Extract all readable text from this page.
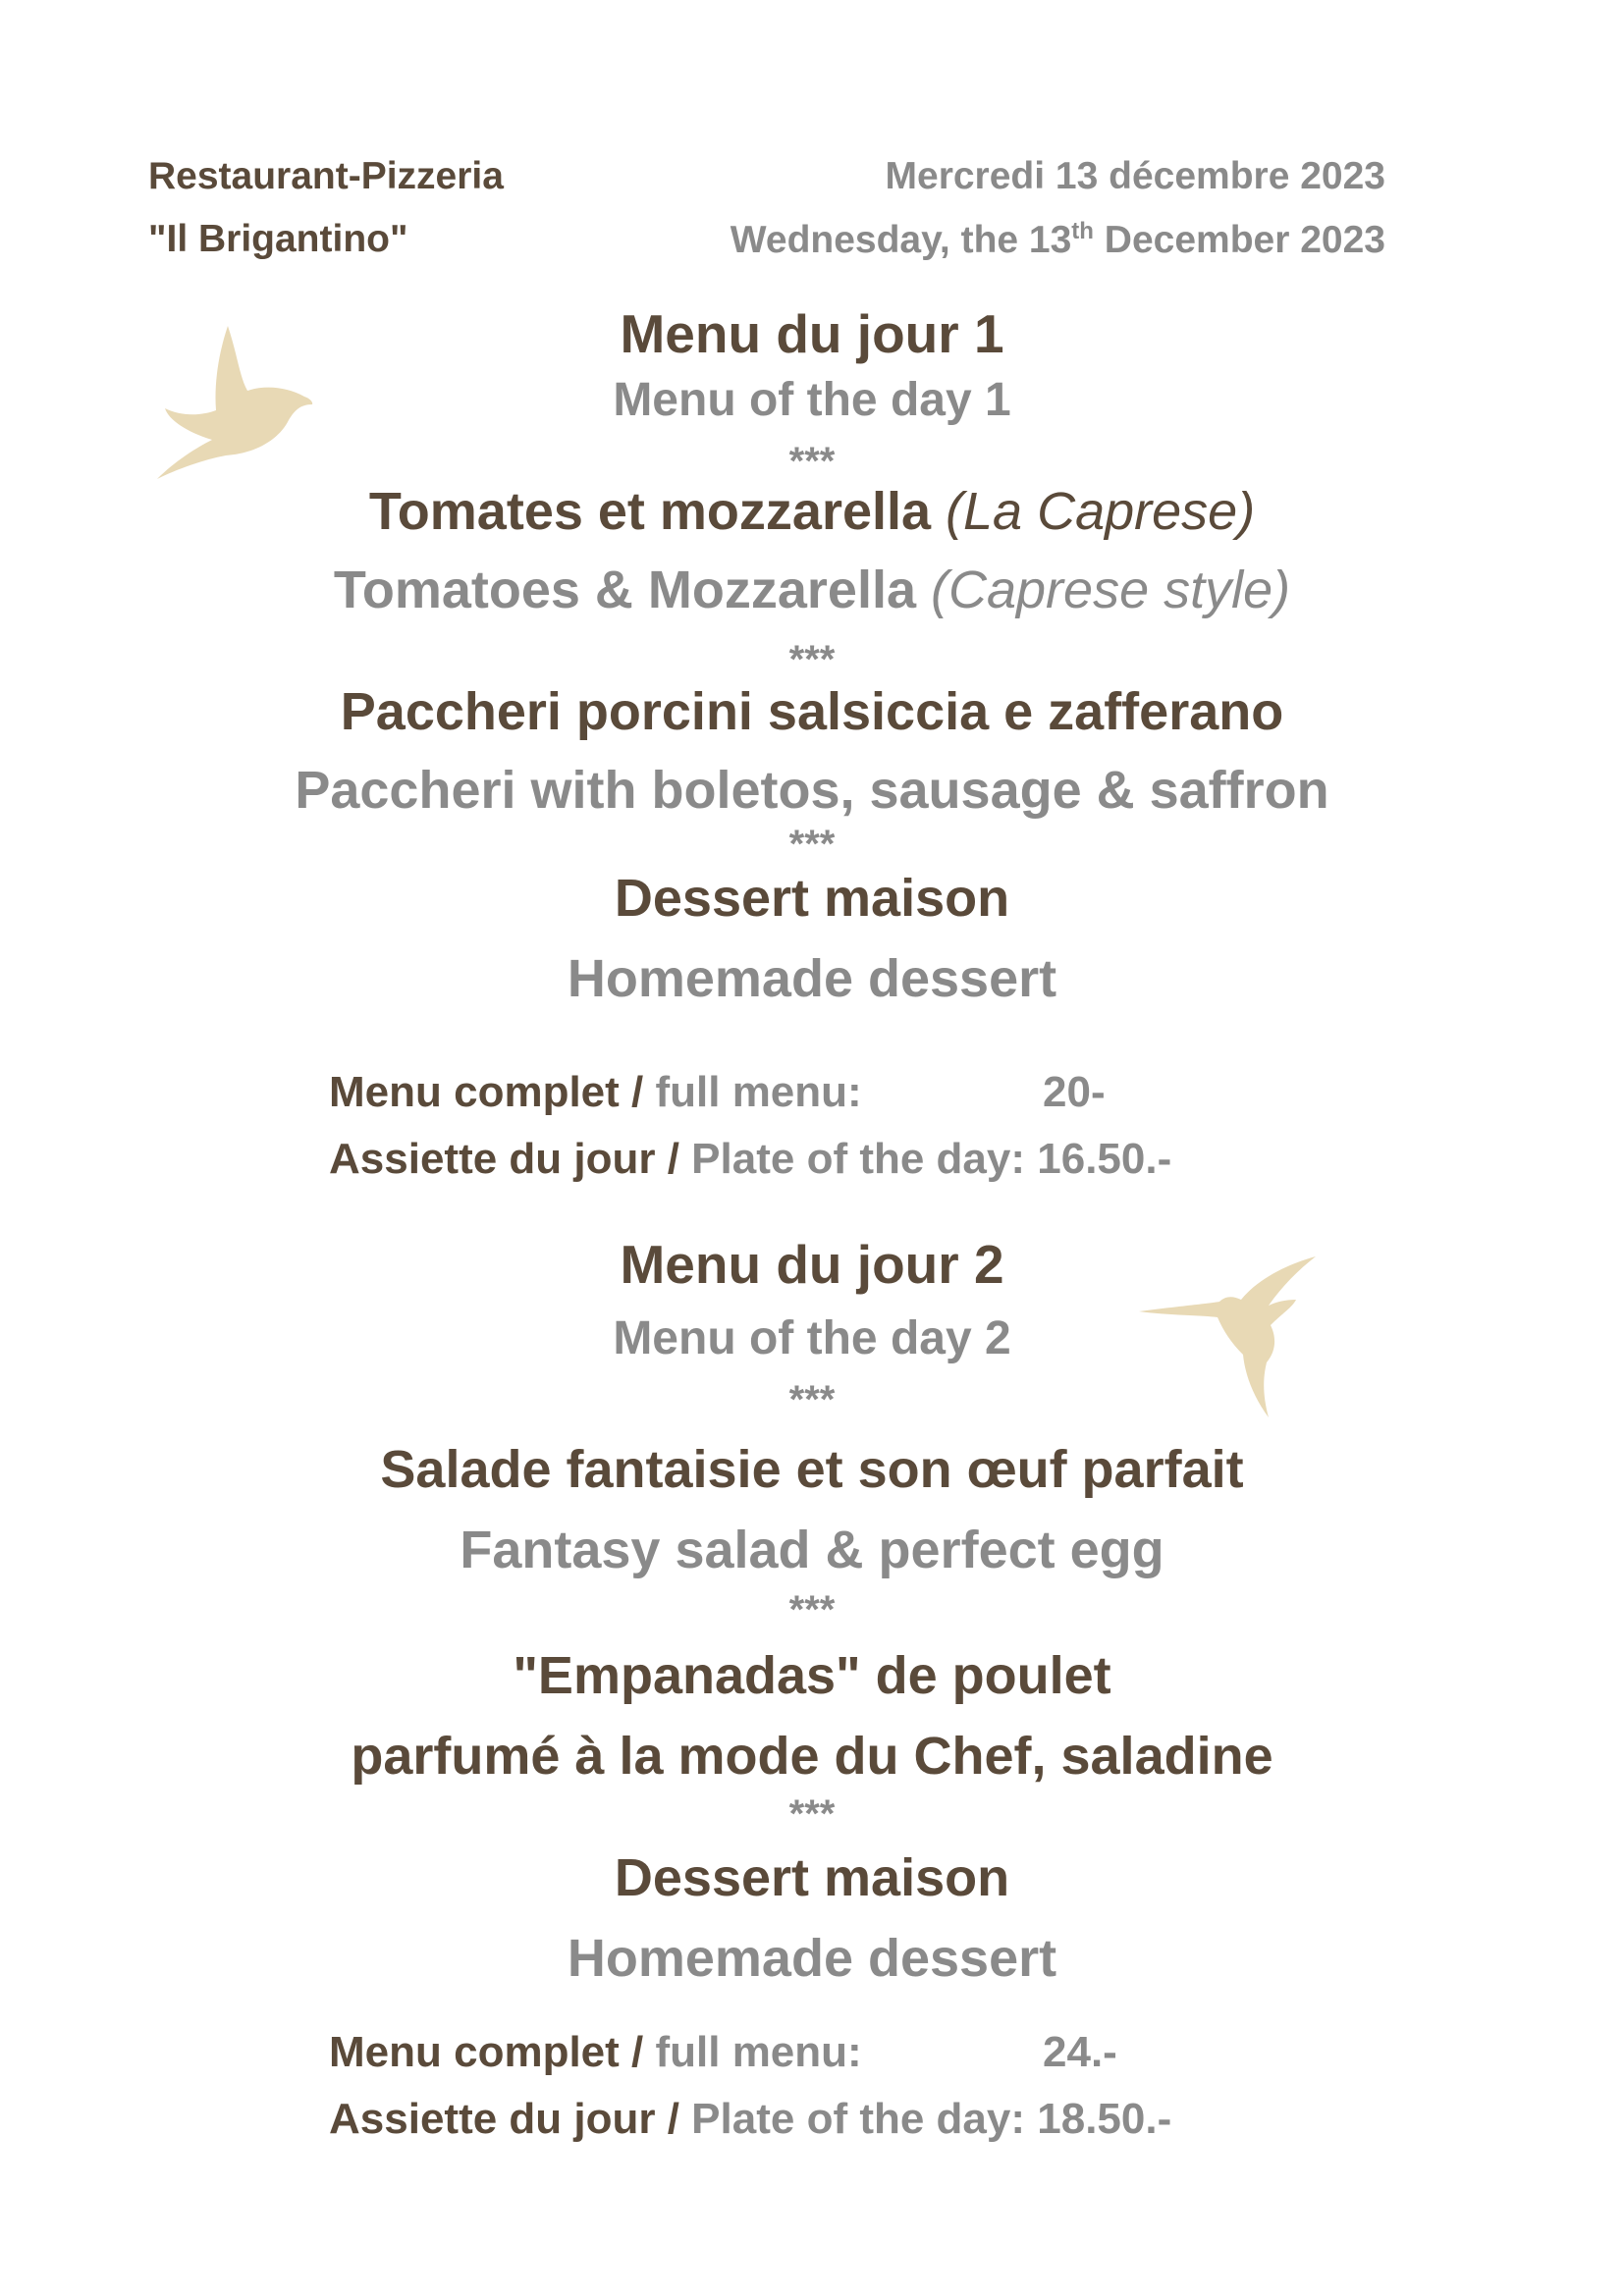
Restaurant-Pizzeria
"Il Brigantino"
Mercredi 13 décembre 2023
Wednesday, the 13th December 2023
Menu du jour 1
Menu of the day 1
***
Tomates et mozzarella (La Caprese)
Tomatoes & Mozzarella (Caprese style)
***
Paccheri porcini salsiccia e zafferano
Paccheri with boletos, sausage & saffron
***
Dessert maison
Homemade dessert
Menu complet / full menu:	20-
Assiette du jour / Plate of the day: 16.50.-
Menu du jour 2
Menu of the day 2
***
Salade fantaisie et son œuf parfait
Fantasy salad & perfect egg
***
"Empanadas" de poulet
parfumé à la mode du Chef, saladine
***
Dessert maison
Homemade dessert
Menu complet / full menu:	24.-
Assiette du jour / Plate of the day: 18.50.-
